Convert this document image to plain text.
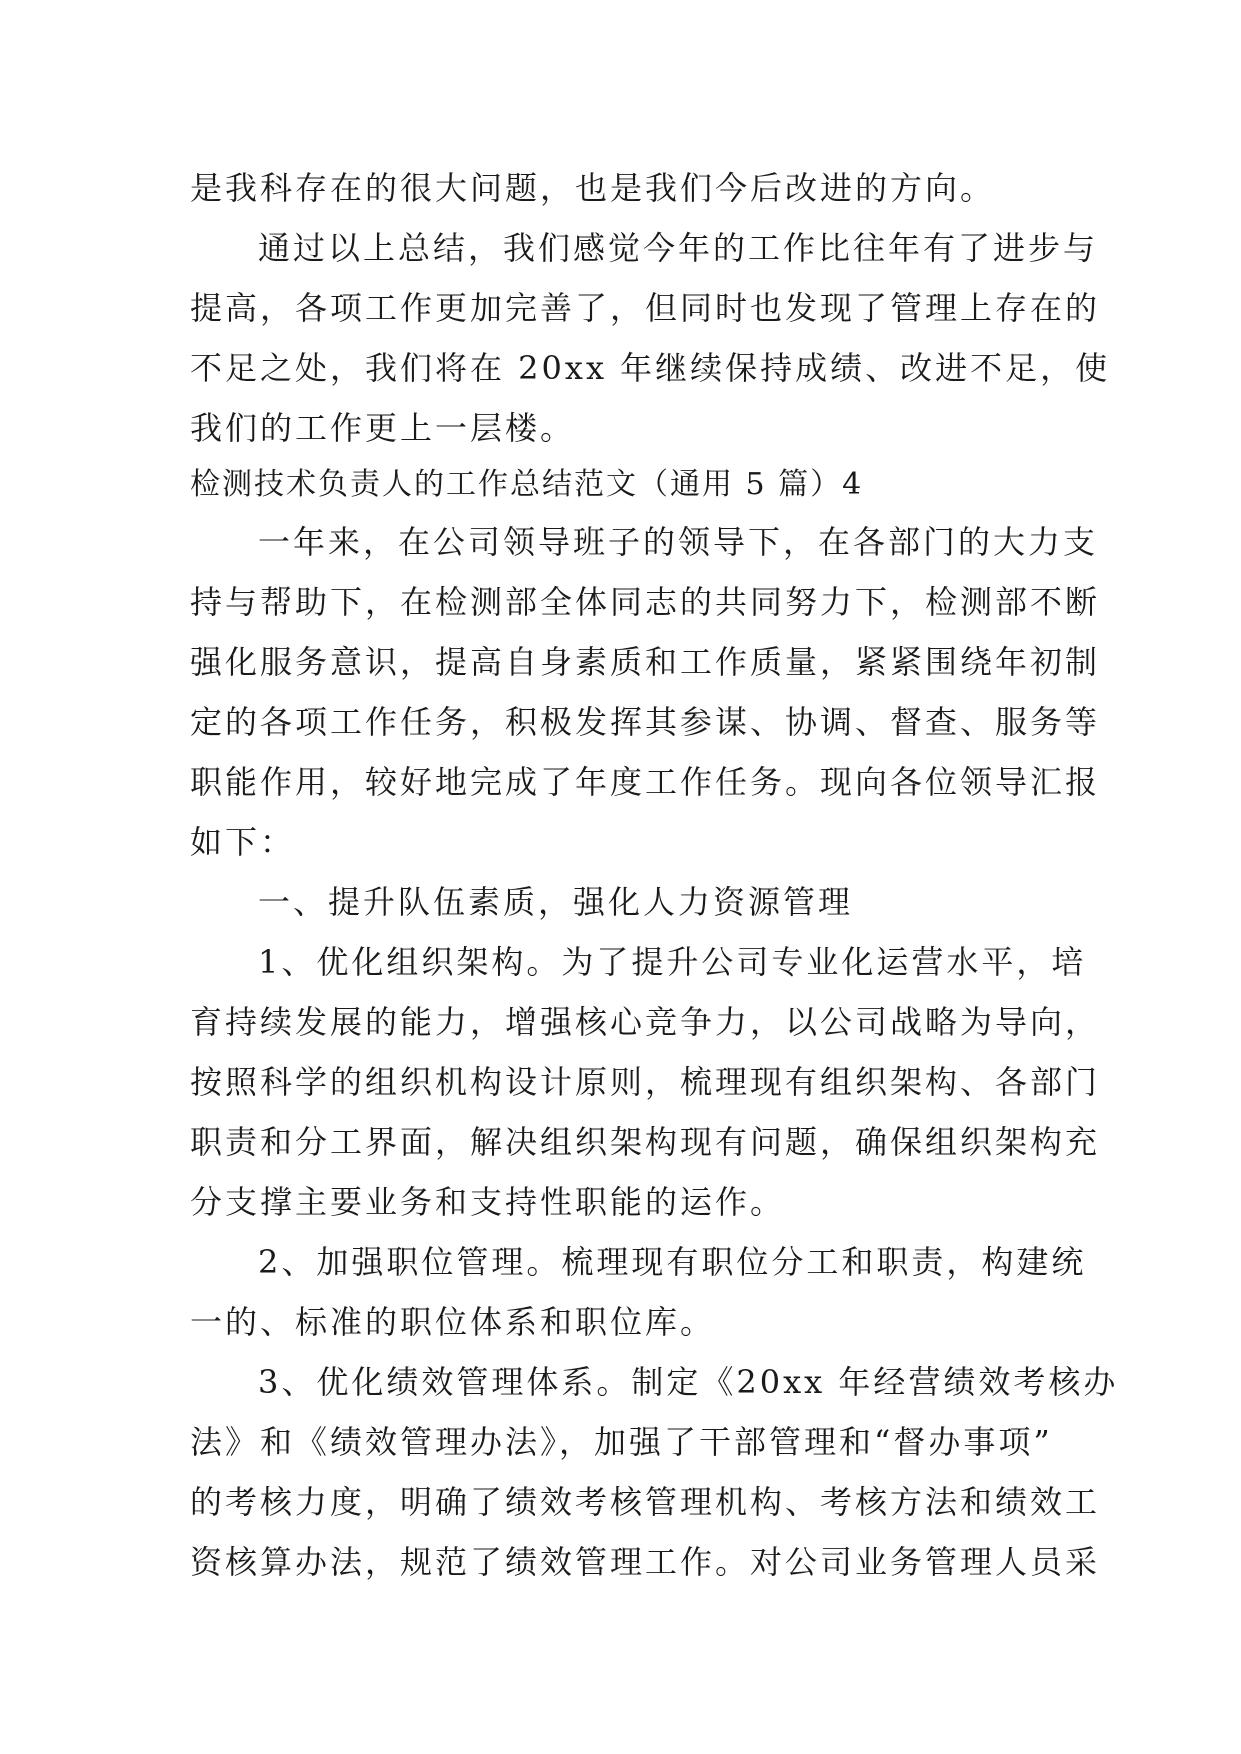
是我科存在的很大问题，也是我们今后改进的方向。
通过以上总结，我们感觉今年的工作比往年有了进步与
提高，各项工作更加完善了，但同时也发现了管理上存在的
不足之处，我们将在 20xx 年继续保持成绩、改进不足，使
我们的工作更上一层楼。
检测技术负责人的工作总结范文（通用 5 篇）4
一年来，在公司领导班子的领导下，在各部门的大力支
持与帮助下，在检测部全体同志的共同努力下，检测部不断
强化服务意识，提高自身素质和工作质量，紧紧围绕年初制
定的各项工作任务，积极发挥其参谋、协调、督查、服务等
职能作用，较好地完成了年度工作任务。现向各位领导汇报
如下：
一、提升队伍素质，强化人力资源管理
1、优化组织架构。为了提升公司专业化运营水平，培
育持续发展的能力，增强核心竞争力，以公司战略为导向，
按照科学的组织机构设计原则，梳理现有组织架构、各部门
职责和分工界面，解决组织架构现有问题，确保组织架构充
分支撑主要业务和支持性职能的运作。
2、加强职位管理。梳理现有职位分工和职责，构建统
一的、标准的职位体系和职位库。
3、优化绩效管理体系。制定《20xx 年经营绩效考核办
法》和《绩效管理办法》，加强了干部管理和“督办事项”
的考核力度，明确了绩效考核管理机构、考核方法和绩效工
资核算办法，规范了绩效管理工作。对公司业务管理人员采
